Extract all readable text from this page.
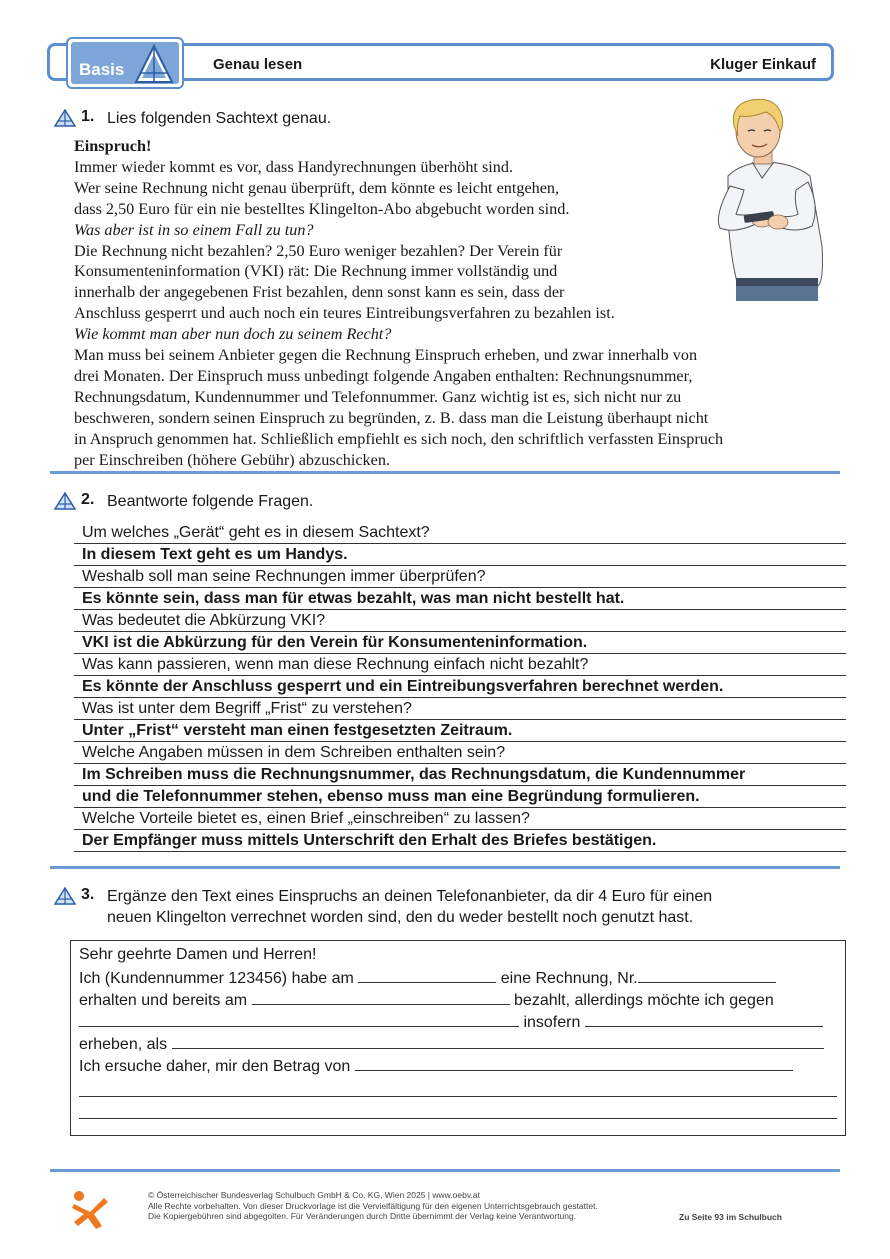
Basis	Genau lesen	Kluger Einkauf
1. Lies folgenden Sachtext genau.
Einspruch!
Immer wieder kommt es vor, dass Handyrechnungen überhöht sind.
Wer seine Rechnung nicht genau überprüft, dem könnte es leicht entgehen,
dass 2,50 Euro für ein nie bestelltes Klingelton-Abo abgebucht worden sind.
Was aber ist in so einem Fall zu tun?
Die Rechnung nicht bezahlen? 2,50 Euro weniger bezahlen? Der Verein für
Konsumenteninformation (VKI) rät: Die Rechnung immer vollständig und
innerhalb der angegebenen Frist bezahlen, denn sonst kann es sein, dass der
Anschluss gesperrt und auch noch ein teures Eintreibungsverfahren zu bezahlen ist.
Wie kommt man aber nun doch zu seinem Recht?
Man muss bei seinem Anbieter gegen die Rechnung Einspruch erheben, und zwar innerhalb von
drei Monaten. Der Einspruch muss unbedingt folgende Angaben enthalten: Rechnungsnummer,
Rechnungsdatum, Kundennummer und Telefonnummer. Ganz wichtig ist es, sich nicht nur zu
beschweren, sondern seinen Einspruch zu begründen, z. B. dass man die Leistung überhaupt nicht
in Anspruch genommen hat. Schließlich empfiehlt es sich noch, den schriftlich verfassten Einspruch
per Einschreiben (höhere Gebühr) abzuschicken.
2. Beantworte folgende Fragen.
Um welches „Gerät“ geht es in diesem Sachtext?
In diesem Text geht es um Handys.
Weshalb soll man seine Rechnungen immer überprüfen?
Es könnte sein, dass man für etwas bezahlt, was man nicht bestellt hat.
Was bedeutet die Abkürzung VKI?
VKI ist die Abkürzung für den Verein für Konsumenteninformation.
Was kann passieren, wenn man diese Rechnung einfach nicht bezahlt?
Es könnte der Anschluss gesperrt und ein Eintreibungsverfahren berechnet werden.
Was ist unter dem Begriff „Frist“ zu verstehen?
Unter „Frist“ versteht man einen festgesetzten Zeitraum.
Welche Angaben müssen in dem Schreiben enthalten sein?
Im Schreiben muss die Rechnungsnummer, das Rechnungsdatum, die Kundennummer
und die Telefonnummer stehen, ebenso muss man eine Begründung formulieren.
Welche Vorteile bietet es, einen Brief „einschreiben“ zu lassen?
Der Empfänger muss mittels Unterschrift den Erhalt des Briefes bestätigen.
3. Ergänze den Text eines Einspruchs an deinen Telefonanbieter, da dir 4 Euro für einen
neuen Klingelton verrechnet worden sind, den du weder bestellt noch genutzt hast.
Sehr geehrte Damen und Herren!
Ich (Kundennummer 123456) habe am	eine Rechnung, Nr.
erhalten und bereits am	bezahlt, allerdings möchte ich gegen
insofern
erheben, als
Ich ersuche daher, mir den Betrag von
© Österreichischer Bundesverlag Schulbuch GmbH & Co. KG, Wien 2025 | www.oebv.at
Alle Rechte vorbehalten. Von dieser Druckvorlage ist die Vervielfältigung für den eigenen Unterrichtsgebrauch gestattet.
Die Kopiergebühren sind abgegolten. Für Veränderungen durch Dritte übernimmt der Verlag keine Verantwortung.	Zu Seite 93 im Schulbuch
